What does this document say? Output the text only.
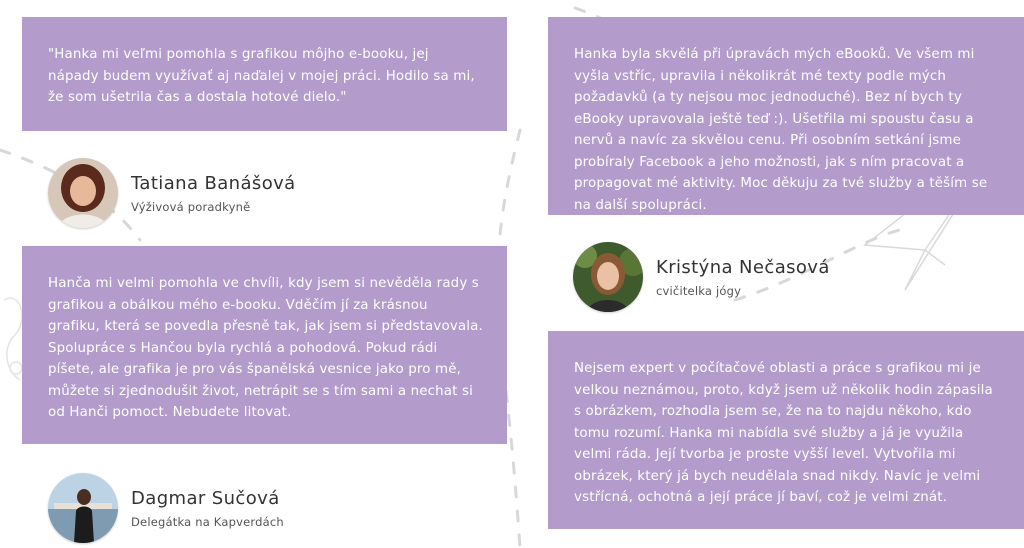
"Hanka mi veľmi pomohla s grafikou môjho e-booku, jej nápady budem využívať aj naďalej v mojej práci. Hodilo sa mi, že som ušetrila čas a dostala hotové dielo."

Tatiana Banášová
Výživová poradkyně

Hanča mi velmi pomohla ve chvíli, kdy jsem si nevěděla rady s grafikou a obálkou mého e-booku. Vděčím jí za krásnou grafiku, která se povedla přesně tak, jak jsem si představovala. Spolupráce s Hančou byla rychlá a pohodová. Pokud rádi píšete, ale grafika je pro vás španělská vesnice jako pro mě, můžete si zjednodušit život, netrápit se s tím sami a nechat si od Hanči pomoct. Nebudete litovat.

Dagmar Sučová
Delegátka na Kapverdách

Hanka byla skvělá při úpravách mých eBooků. Ve všem mi vyšla vstříc, upravila i několikrát mé texty podle mých požadavků (a ty nejsou moc jednoduché). Bez ní bych ty eBooky upravovala ještě teď :). Ušetřila mi spoustu času a nervů a navíc za skvělou cenu. Při osobním setkání jsme probíraly Facebook a jeho možnosti, jak s ním pracovat a propagovat mé aktivity. Moc děkuju za tvé služby a těším se na další spolupráci.

Kristýna Nečasová
cvičitelka jógy

Nejsem expert v počítačové oblasti a práce s grafikou mi je velkou neznámou, proto, když jsem už několik hodin zápasila s obrázkem, rozhodla jsem se, že na to najdu někoho, kdo tomu rozumí. Hanka mi nabídla své služby a já je využila velmi ráda. Její tvorba je proste vyšší level. Vytvořila mi obrázek, který já bych neudělala snad nikdy. Navíc je velmi vstřícná, ochotná a její práce jí baví, což je velmi znát.
